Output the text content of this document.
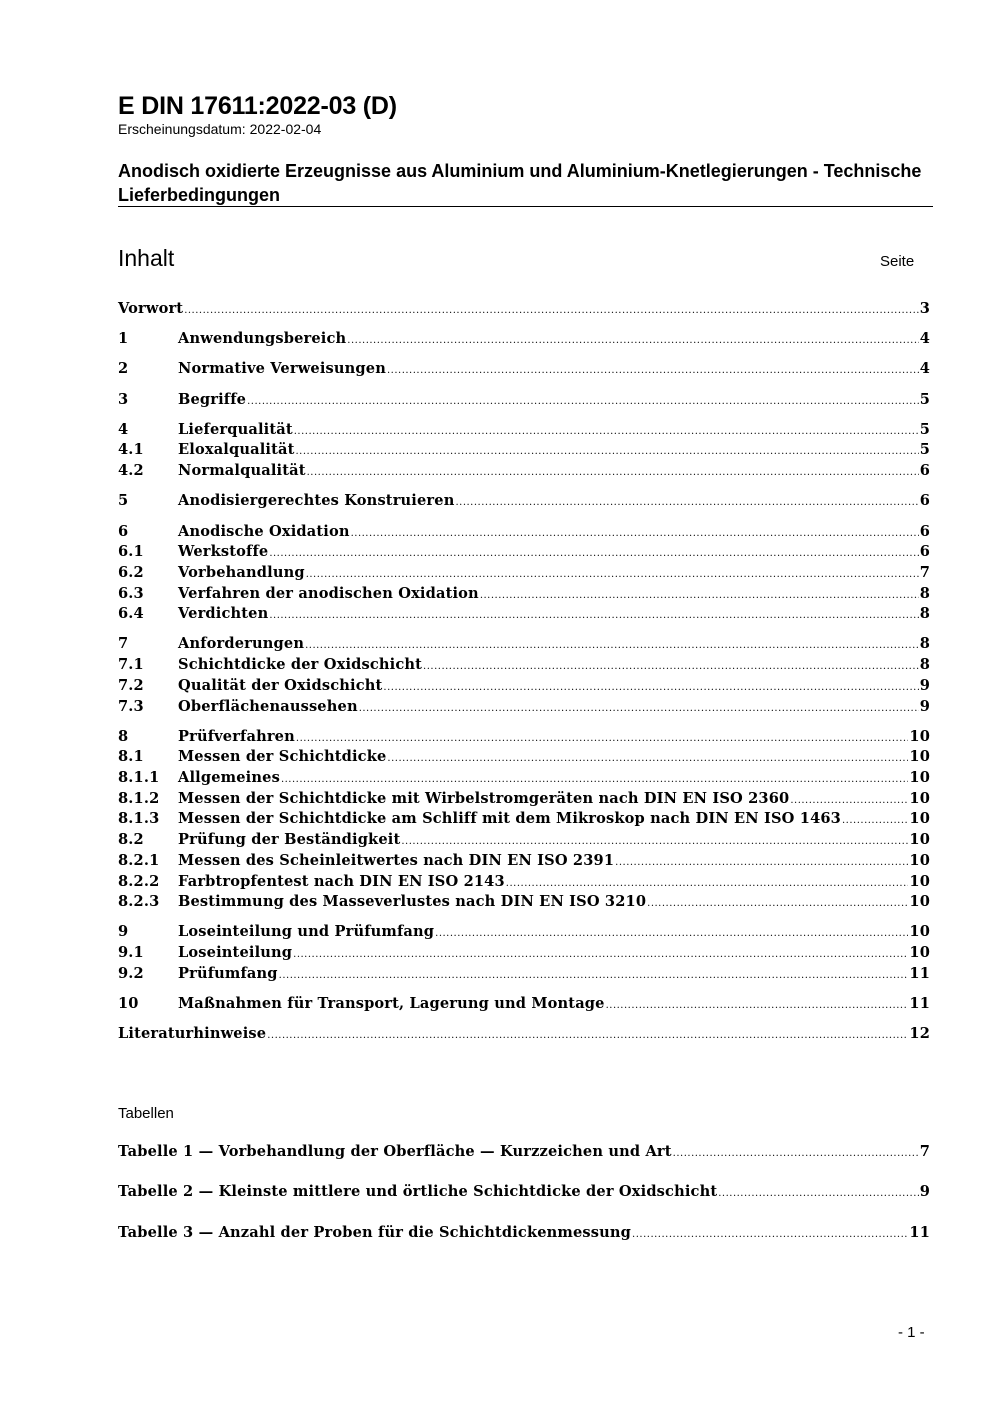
E DIN 17611:2022-03 (D)
Erscheinungsdatum: 2022-02-04
Anodisch oxidierte Erzeugnisse aus Aluminium und Aluminium-Knetlegierungen - Technische Lieferbedingungen
Inhalt	Seite
Vorwort .....	3
1	Anwendungsbereich .....	4
2	Normative Verweisungen .....	4
3	Begriffe .....	5
4	Lieferqualität .....	5
4.1	Eloxalqualität .....	5
4.2	Normalqualität .....	6
5	Anodisiergerechtes Konstruieren .....	6
6	Anodische Oxidation .....	6
6.1	Werkstoffe .....	6
6.2	Vorbehandlung .....	7
6.3	Verfahren der anodischen Oxidation .....	8
6.4	Verdichten .....	8
7	Anforderungen .....	8
7.1	Schichtdicke der Oxidschicht .....	8
7.2	Qualität der Oxidschicht .....	9
7.3	Oberflächenaussehen .....	9
8	Prüfverfahren .....	10
8.1	Messen der Schichtdicke .....	10
8.1.1	Allgemeines .....	10
8.1.2	Messen der Schichtdicke mit Wirbelstromgeräten nach DIN EN ISO 2360 .....	10
8.1.3	Messen der Schichtdicke am Schliff mit dem Mikroskop nach DIN EN ISO 1463 .....	10
8.2	Prüfung der Beständigkeit .....	10
8.2.1	Messen des Scheinleitwertes nach DIN EN ISO 2391 .....	10
8.2.2	Farbtropfentest nach DIN EN ISO 2143 .....	10
8.2.3	Bestimmung des Masseverlustes nach DIN EN ISO 3210 .....	10
9	Loseinteilung und Prüfumfang .....	10
9.1	Loseinteilung .....	10
9.2	Prüfumfang .....	11
10	Maßnahmen für Transport, Lagerung und Montage .....	11
Literaturhinweise .....	12
Tabellen
Tabelle 1 — Vorbehandlung der Oberfläche — Kurzzeichen und Art .....	7
Tabelle 2 — Kleinste mittlere und örtliche Schichtdicke der Oxidschicht .....	9
Tabelle 3 — Anzahl der Proben für die Schichtdickenmessung .....	11
- 1 -
